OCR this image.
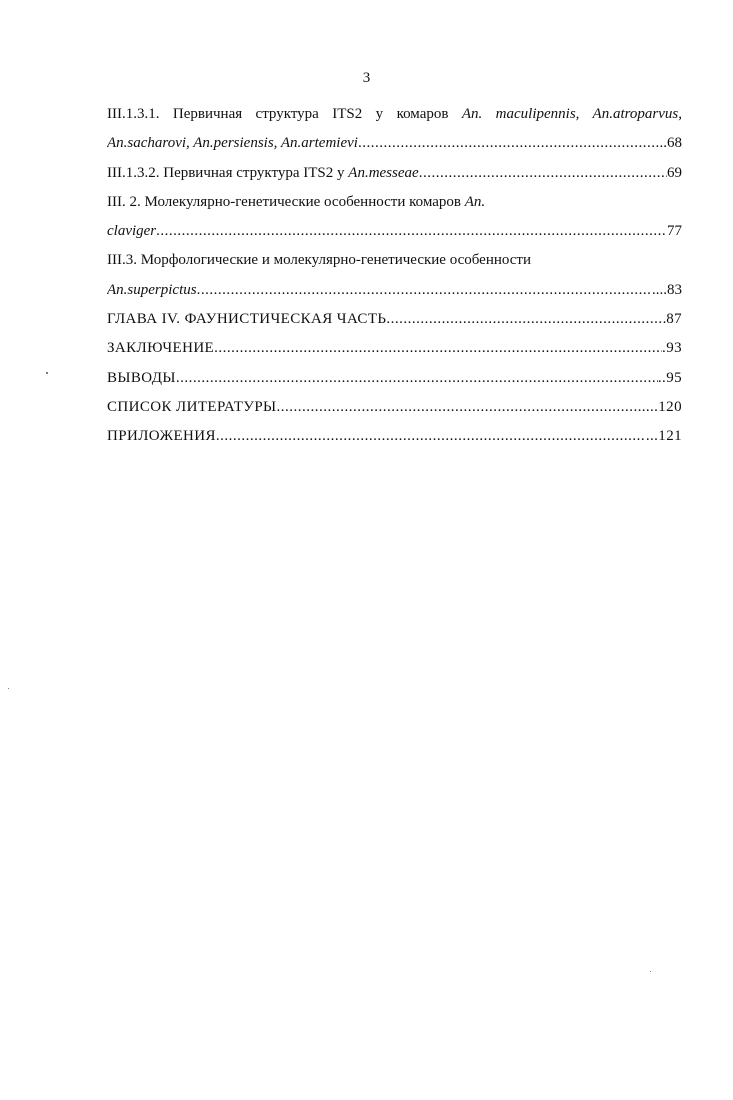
3
III.1.3.1. Первичная структура ITS2 у комаров An. maculipennis, An.atroparvus,
An.sacharovi, An.persiensis, An.artemievi .....	..68
III.1.3.2. Первичная структура ITS2 у An.messeae .....	69
III. 2. Молекулярно-генетические особенности комаров An.
claviger .....	77
III.3. Морфологические и молекулярно-генетические особенности
An.superpictus .....	....83
ГЛАВА IV. ФАУНИСТИЧЕСКАЯ ЧАСТЬ .....	87
ЗАКЛЮЧЕНИЕ .....	.93
ВЫВОДЫ .....	..95
СПИСОК ЛИТЕРАТУРЫ .....	....120
ПРИЛОЖЕНИЯ .....	...121
